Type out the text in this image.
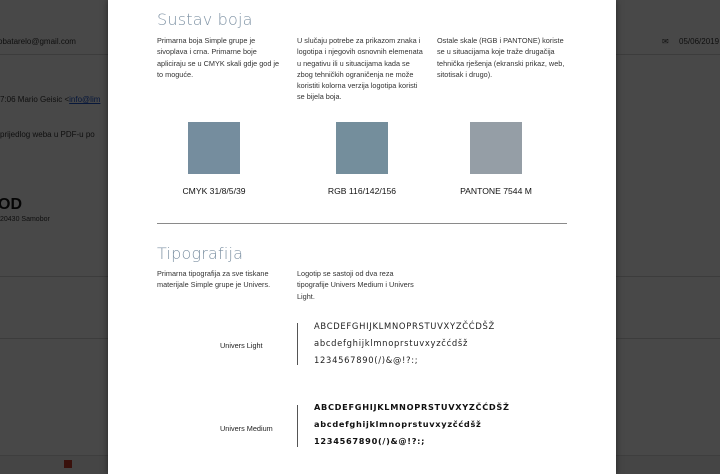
Sustav boja

Primarna boja Simple grupe je sivoplava i crna. Primarne boje apliciraju se u CMYK skali gdje god je to moguće.

U slučaju potrebe za prikazom znaka i logotipa i njegovih osnovnih elemenata u negativu ili u situacijama kada se zbog tehničkih ograničenja ne može koristiti kolorna verzija logotipa koristi se bijela boja.

Ostale skale (RGB i PANTONE) koriste se u situacijama koje traže drugačija tehnička rješenja (ekranski prikaz, web, sitotisak i drugo).

CMYK 31/8/5/39	RGB 116/142/156	PANTONE 7544 M
Tipografija

Primarna tipografija za sve tiskane materijale Simple grupe je Univers.

Logotip se sastoji od dva reza tipografije Univers Medium i Univers Light.

Univers Light
ABCDEFGHIJKLMNOPRSTUVXYZČĆDŠŽ
abcdefghijklmnoprstuvxyzčćdšž
1234567890(/)&@!?:;
Univers Medium
ABCDEFGHIJKLMNOPRSTUVXYZČĆDŠŽ
abcdefghijklmnoprstuvxyzčćdšž
1234567890(/)&@!?:;
